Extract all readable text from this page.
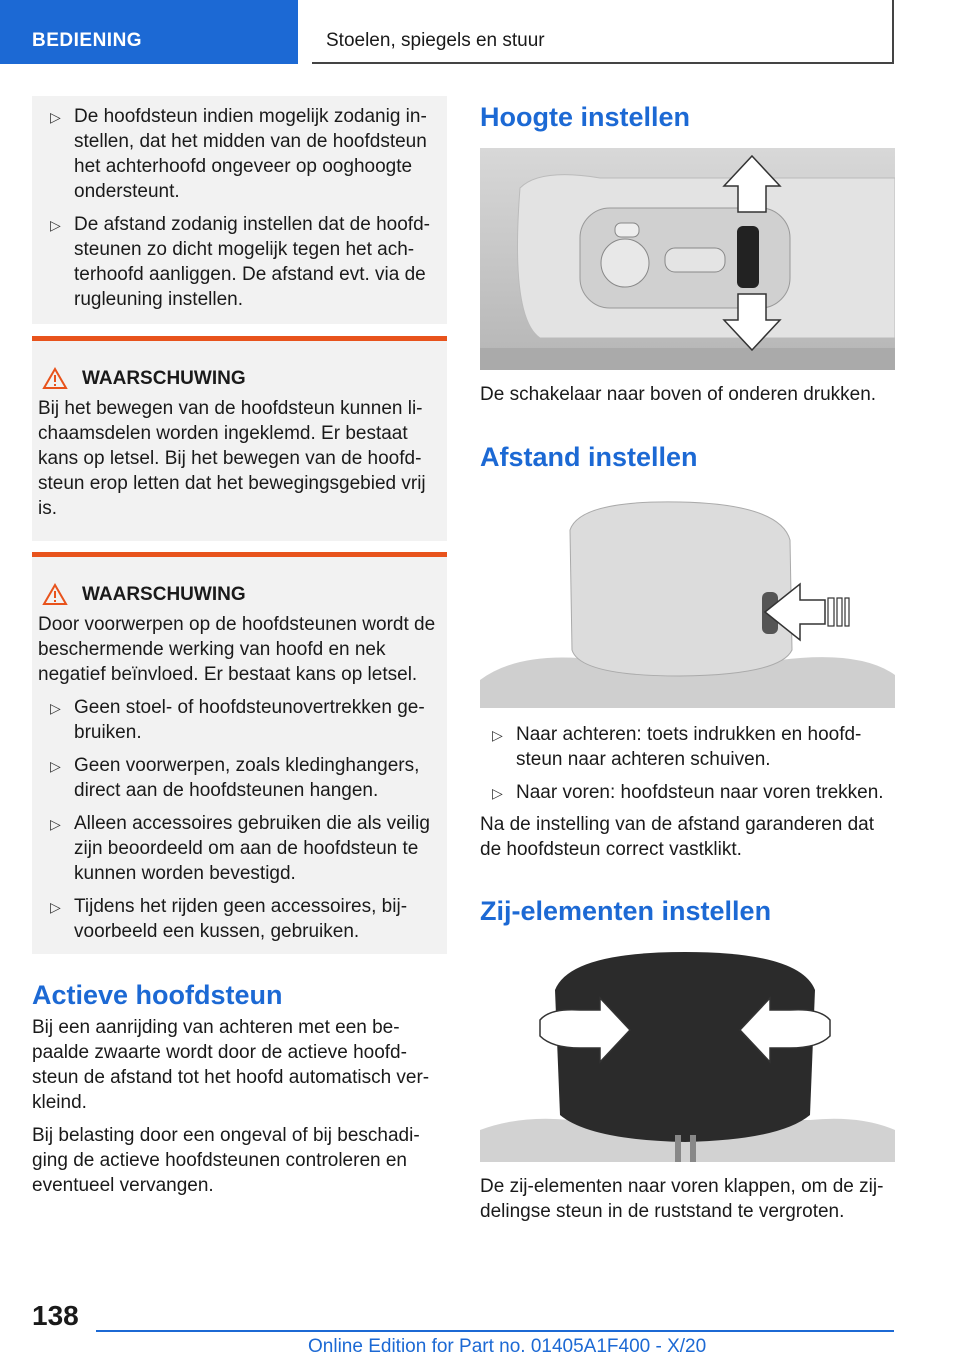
BEDIENING	Stoelen, spiegels en stuur
▷ De hoofdsteun indien mogelijk zodanig in-stellen, dat het midden van de hoofdsteun het achterhoofd ongeveer op ooghoogte ondersteunt.
▷ De afstand zodanig instellen dat de hoofd-steunen zo dicht mogelijk tegen het ach-terhoofd aanliggen. De afstand evt. via de rugleuning instellen.
WAARSCHUWING

Bij het bewegen van de hoofdsteun kunnen li-chaamsdelen worden ingeklemd. Er bestaat kans op letsel. Bij het bewegen van de hoofd-steun erop letten dat het bewegingsgebied vrij is.

WAARSCHUWING

Door voorwerpen op de hoofdsteunen wordt de beschermende werking van hoofd en nek negatief beïnvloed. Er bestaat kans op letsel.

▷ Geen stoel- of hoofdsteunovertrekken ge-bruiken.
▷ Geen voorwerpen, zoals kledinghangers, direct aan de hoofdsteunen hangen.
▷ Alleen accessoires gebruiken die als veilig zijn beoordeeld om aan de hoofdsteun te kunnen worden bevestigd.
▷ Tijdens het rijden geen accessoires, bij-voorbeeld een kussen, gebruiken.
Actieve hoofdsteun

Bij een aanrijding van achteren met een be-paalde zwaarte wordt door de actieve hoofd-steun de afstand tot het hoofd automatisch ver-kleind.

Bij belasting door een ongeval of bij beschadi-ging de actieve hoofdsteunen controleren en eventueel vervangen.

Hoogte instellen

De schakelaar naar boven of onderen drukken.

Afstand instellen
▷ Naar achteren: toets indrukken en hoofd-steun naar achteren schuiven.
▷ Naar voren: hoofdsteun naar voren trekken.

Na de instelling van de afstand garanderen dat de hoofdsteun correct vastklikt.

Zij-elementen instellen

De zij-elementen naar voren klappen, om de zij-delingse steun in de ruststand te vergroten.

138
Online Edition for Part no. 01405A1F400 - X/20
